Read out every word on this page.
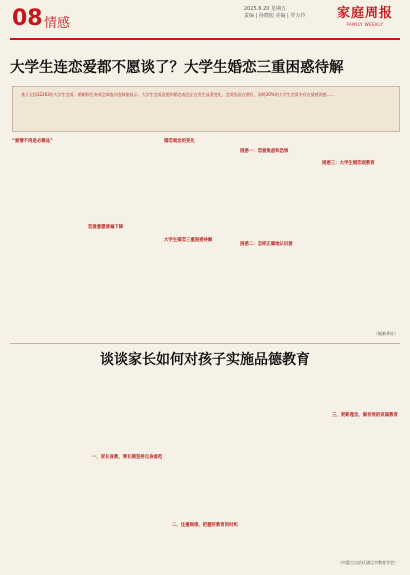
08 情感
2025.6.20 星期五
责编 | 孙晓旭 美编 | 罗万玲	家庭周报
FAMILY WEEKLY
大学生连恋爱都不愿谈了？大学生婚恋三重困惑待解
基于全国32263份大学生恋爱、婚姻和生育观念调查问卷数据显示，大学生恋爱意愿和婚恋观念正在发生显著变化，恋爱焦虑在增长，同时20%的大学生恋爱中存在情感困惑……
“爱情不再是必需品”
恋爱意愿普遍下降
婚恋观念的变化
大学生婚恋三重困惑待解
困惑一：恋爱焦虑和恐惧
困惑二：怎样正确地认识爱
困惑三：大学生婚恋观教育
（据新华社）
谈谈家长如何对孩子实施品德教育
一、家长身教，要长期坚持自身垂范
二、注重规律，把握好教育的时机
三、更新理念，做有效的家庭教育
（内蒙古自治区通辽市教育学会）
